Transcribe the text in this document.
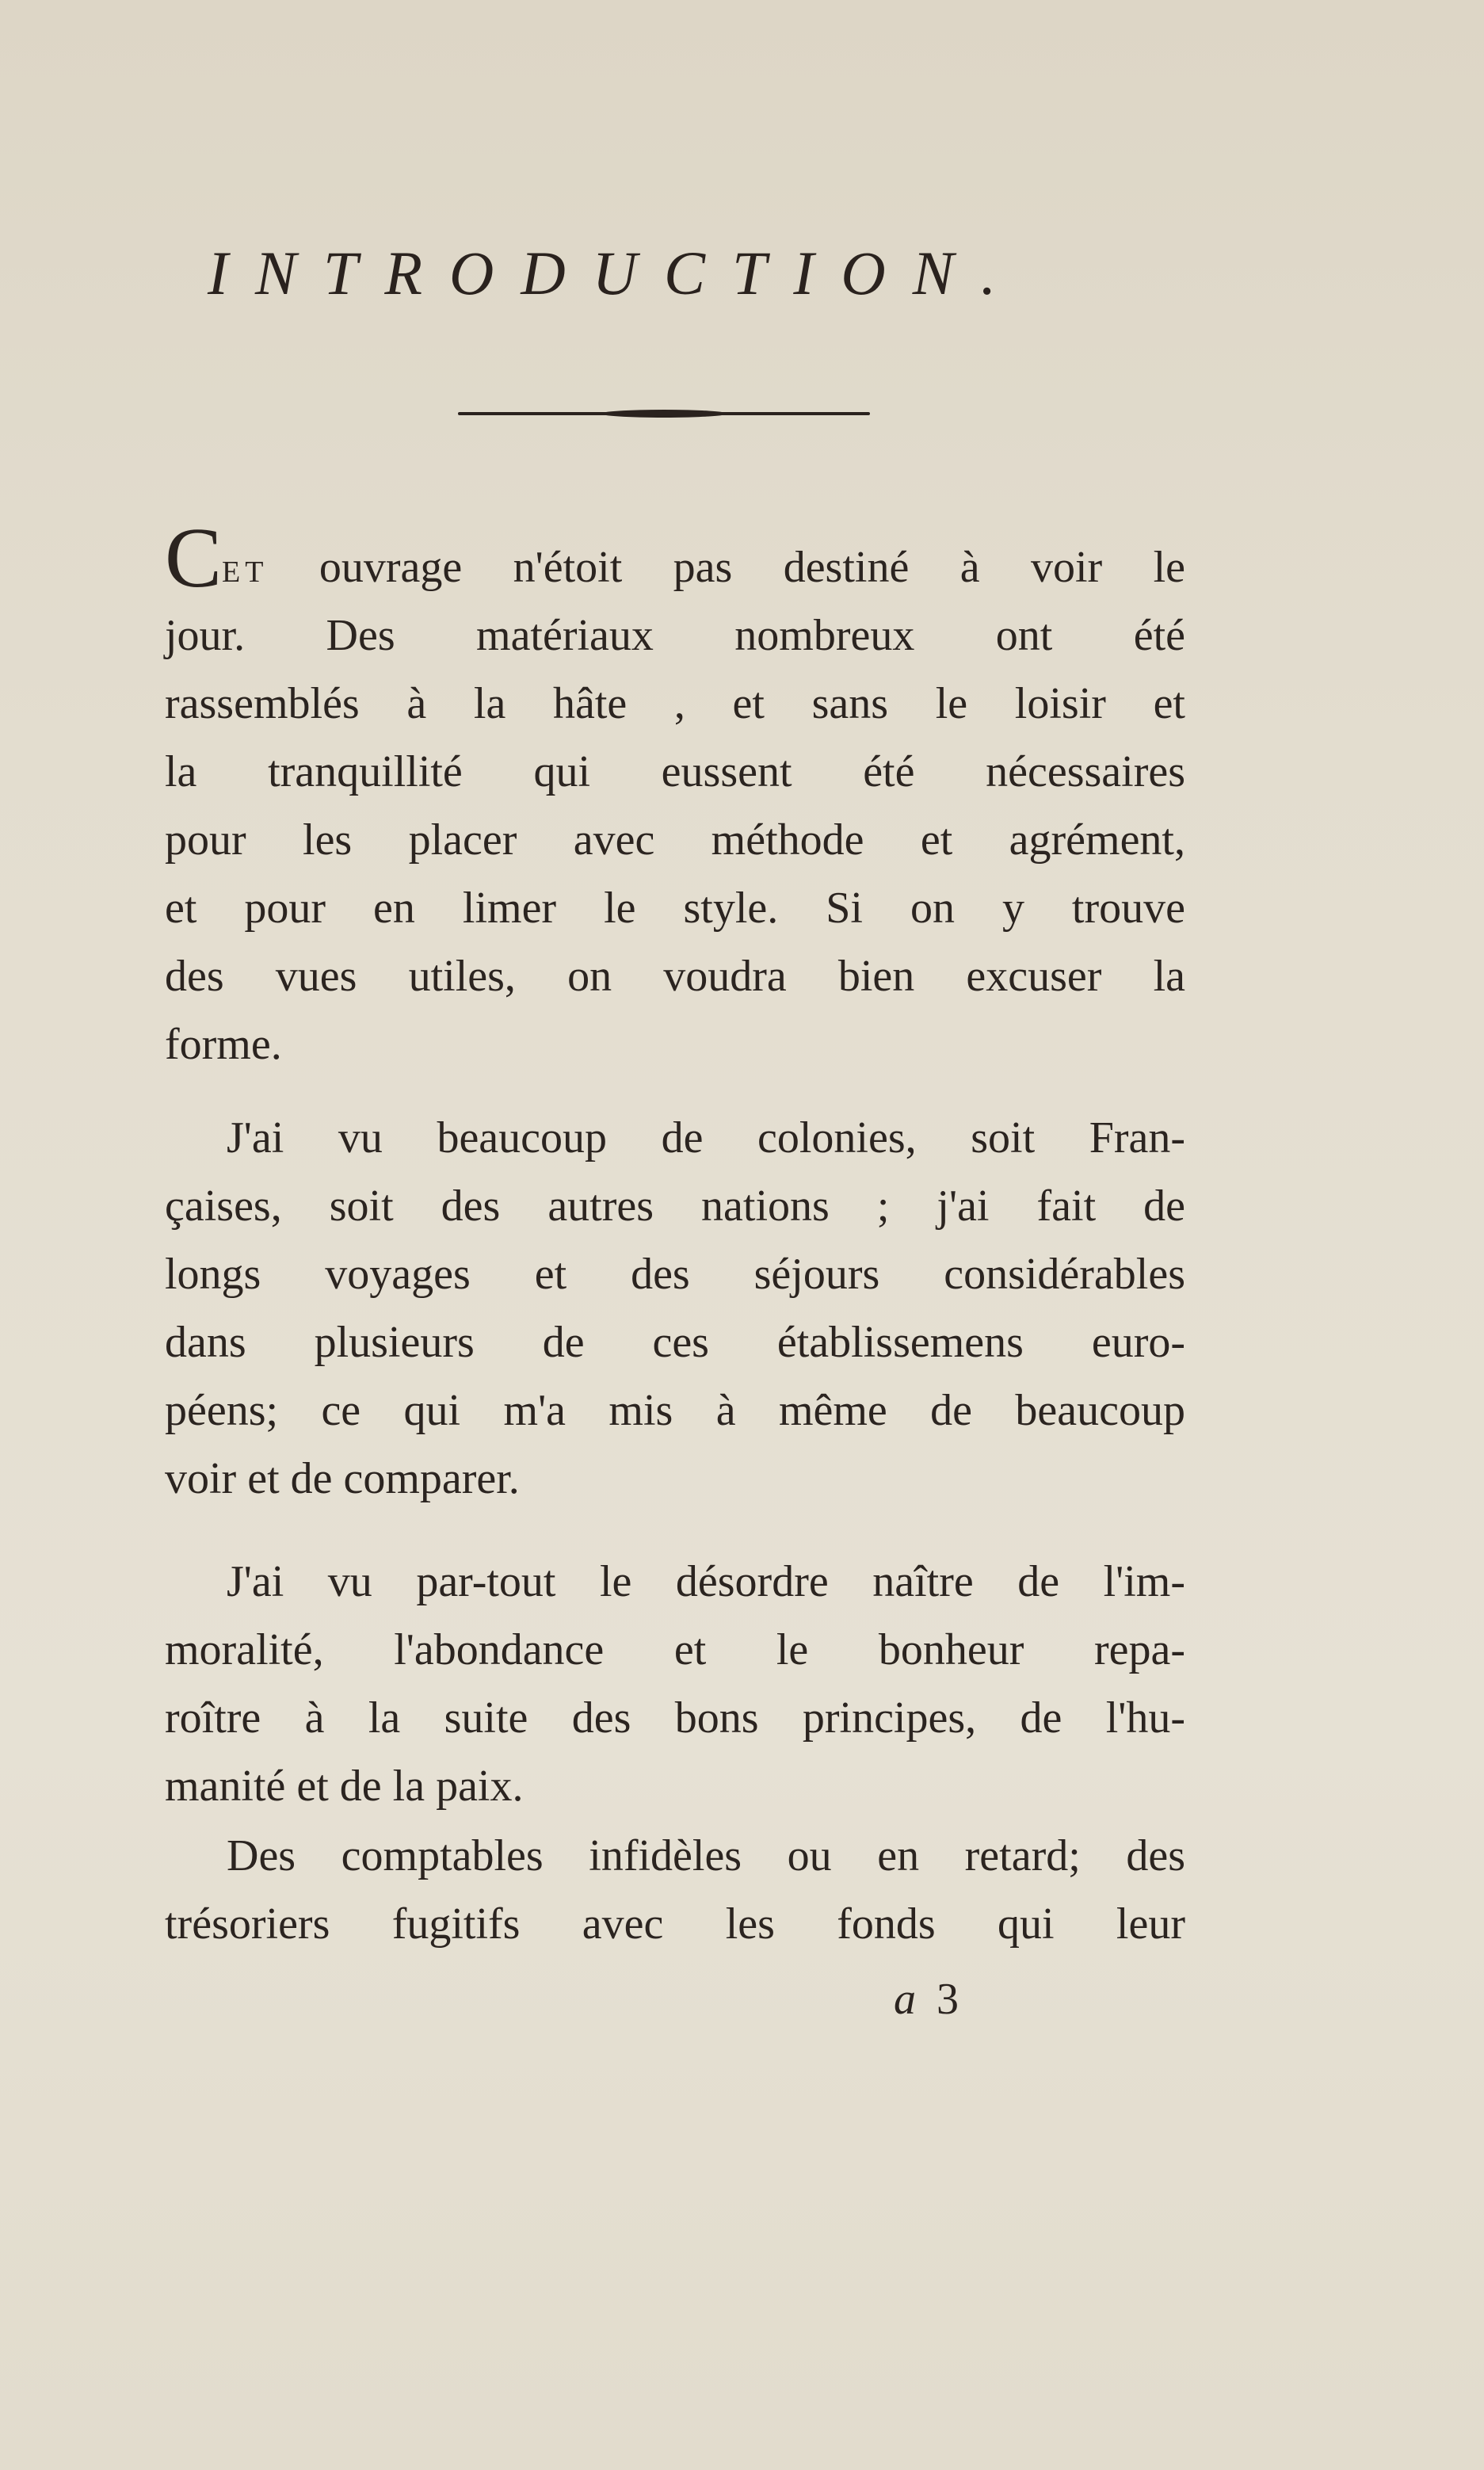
INTRODUCTION.
CET ouvrage n'étoit pas destiné à voir le
jour. Des matériaux nombreux ont été
rassemblés à la hâte , et sans le loisir et
la tranquillité qui eussent été nécessaires
pour les placer avec méthode et agrément,
et pour en limer le style. Si on y trouve
des vues utiles, on voudra bien excuser la
forme.
J'ai vu beaucoup de colonies, soit Fran-
çaises, soit des autres nations ; j'ai fait de
longs voyages et des séjours considérables
dans plusieurs de ces établissemens euro-
péens; ce qui m'a mis à même de beaucoup
voir et de comparer.
J'ai vu par-tout le désordre naître de l'im-
moralité, l'abondance et le bonheur repa-
roître à la suite des bons principes, de l'hu-
manité et de la paix.
Des comptables infidèles ou en retard; des
trésoriers fugitifs avec les fonds qui leur
a 3
